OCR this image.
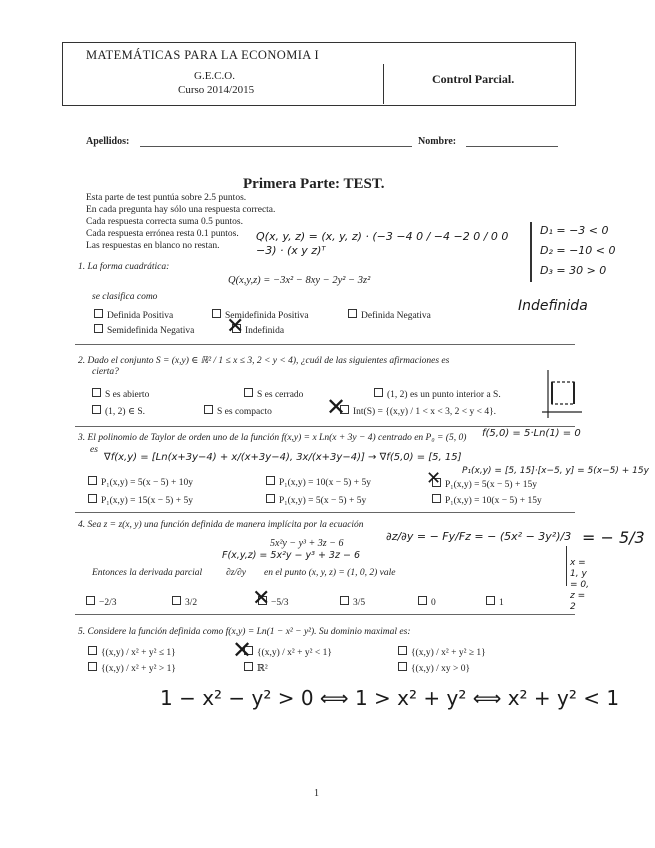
MATEMÁTICAS PARA LA ECONOMIA I
G.E.C.O.
Curso 2014/2015
Control Parcial.
Apellidos:	Nombre:
Primera Parte: TEST.
Esta parte de test puntúa sobre 2.5 puntos.
En cada pregunta hay sólo una respuesta correcta.
Cada respuesta correcta suma 0.5 puntos.
Cada respuesta errónea resta 0.1 puntos.
Las respuestas en blanco no restan.
1. La forma cuadrática:
Q(x,y,z) = −3x² − 8xy − 2y² − 3z²
se clasifica como
Q(x, y, z) = (x, y, z) · (−3 −4 0 / −4 −2 0 / 0 0 −3) · (x y z)ᵀ
D₁ = −3 < 0
D₂ = −10 < 0
D₃ = 30 > 0
Indefinida
Definida Positiva	Semidefinida Positiva	Definida Negativa
Semidefinida Negativa	Indefinida
✕
2. Dado el conjunto S = (x,y) ∈ ℝ² / 1 ≤ x ≤ 3, 2 < y < 4), ¿cuál de las siguientes afirmaciones es
cierta?
S es abierto	S es cerrado	(1, 2) es un punto interior a S.
(1, 2) ∈ S.	S es compacto	Int(S) = {(x,y) / 1 < x < 3, 2 < y < 4}.
✕
3. El polinomio de Taylor de orden uno de la función f(x,y) = x Ln(x + 3y − 4) centrado en P₀ = (5, 0)
es
f(5,0) = 5·Ln(1) = 0
∇f(x,y) = [Ln(x+3y−4) + x/(x+3y−4), 3x/(x+3y−4)] → ∇f(5,0) = [5, 15]
P₁(x,y) = [5, 15]·[x−5, y] = 5(x−5) + 15y
P₁(x,y) = 5(x − 5) + 10y	P₁(x,y) = 10(x − 5) + 5y	P₁(x,y) = 5(x − 5) + 15y
P₁(x,y) = 15(x − 5) + 5y	P₁(x,y) = 5(x − 5) + 5y	P₁(x,y) = 10(x − 5) + 15y
✕
4. Sea z = z(x, y) una función definida de manera implícita por la ecuación
5x²y − y³ + 3z − 6
F(x,y,z) = 5x²y − y³ + 3z − 6
∂z/∂y = − Fy/Fz = − (5x² − 3y²)/3
x = 1, y = 0, z = 2
= − 5/3
Entonces la derivada parcial	∂z/∂y en el punto (x, y, z) = (1, 0, 2) vale
−2/3	3/2	−5/3	3/5	0	1
✕
5. Considere la función definida como f(x,y) = Ln(1 − x² − y²). Su dominio maximal es:
{(x,y) / x² + y² ≤ 1}	{(x,y) / x² + y² < 1}	{(x,y) / x² + y² ≥ 1}
{(x,y) / x² + y² > 1}	ℝ²	{(x,y) / xy > 0}
✕
1 − x² − y² > 0 ⟺ 1 > x² + y² ⟺ x² + y² < 1
1
